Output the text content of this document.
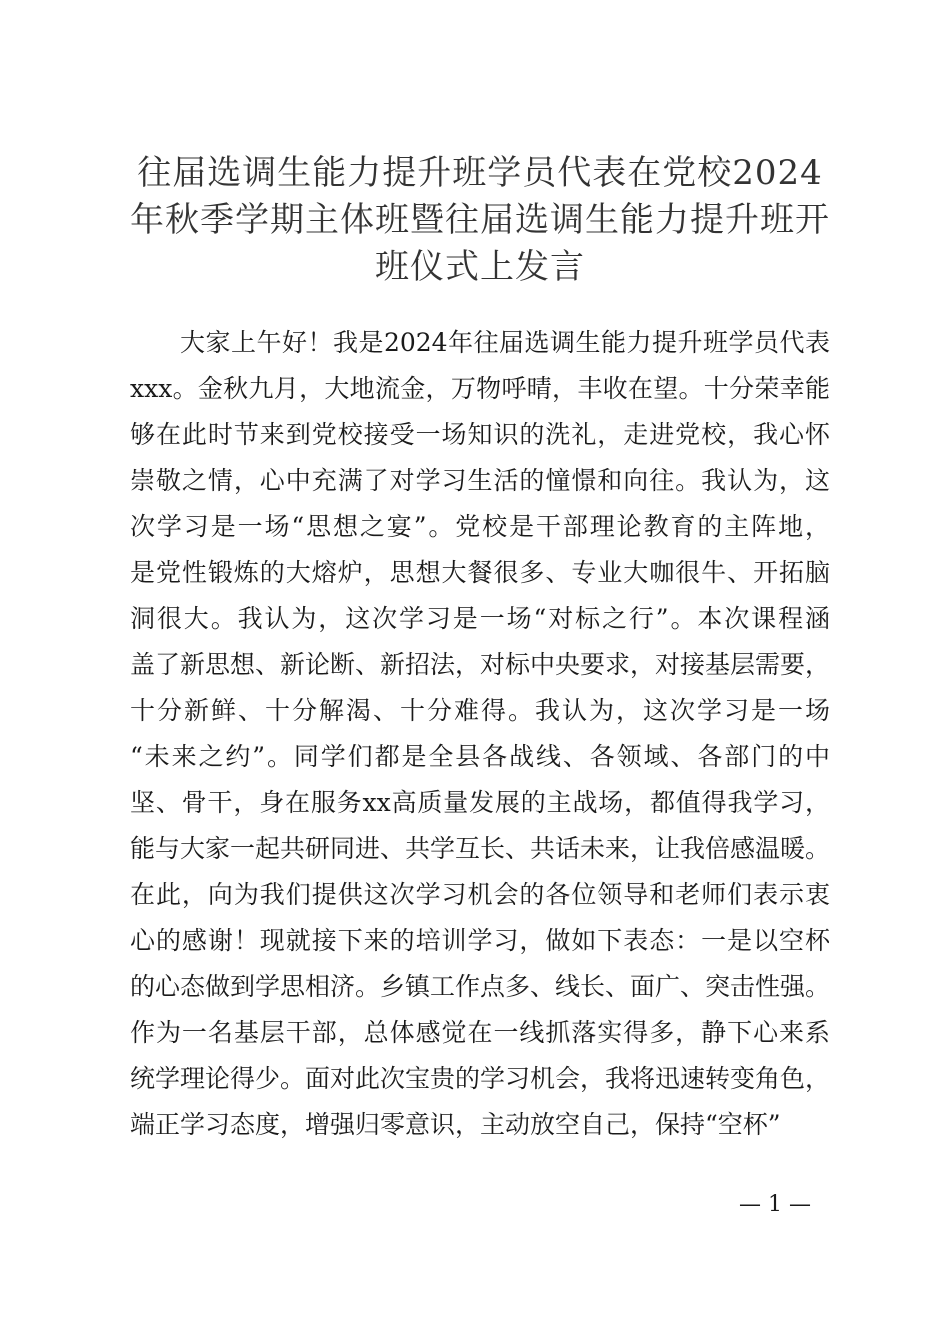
往届选调生能力提升班学员代表在党校2024
年秋季学期主体班暨往届选调生能力提升班开
班仪式上发言
大家上午好！我是2024年往届选调生能力提升班学员代表
xxx。金秋九月，大地流金，万物呼晴，丰收在望。十分荣幸能
够在此时节来到党校接受一场知识的洗礼，走进党校，我心怀
崇敬之情，心中充满了对学习生活的憧憬和向往。我认为，这
次学习是一场“思想之宴”。党校是干部理论教育的主阵地，
是党性锻炼的大熔炉，思想大餐很多、专业大咖很牛、开拓脑
洞很大。我认为，这次学习是一场“对标之行”。本次课程涵
盖了新思想、新论断、新招法，对标中央要求，对接基层需要，
十分新鲜、十分解渴、十分难得。我认为，这次学习是一场
“未来之约”。同学们都是全县各战线、各领域、各部门的中
坚、骨干，身在服务xx高质量发展的主战场，都值得我学习，
能与大家一起共研同进、共学互长、共话未来，让我倍感温暖。
在此，向为我们提供这次学习机会的各位领导和老师们表示衷
心的感谢！现就接下来的培训学习，做如下表态：一是以空杯
的心态做到学思相济。乡镇工作点多、线长、面广、突击性强。
作为一名基层干部，总体感觉在一线抓落实得多，静下心来系
统学理论得少。面对此次宝贵的学习机会，我将迅速转变角色，
端正学习态度，增强归零意识，主动放空自己，保持“空杯”
— 1 —
